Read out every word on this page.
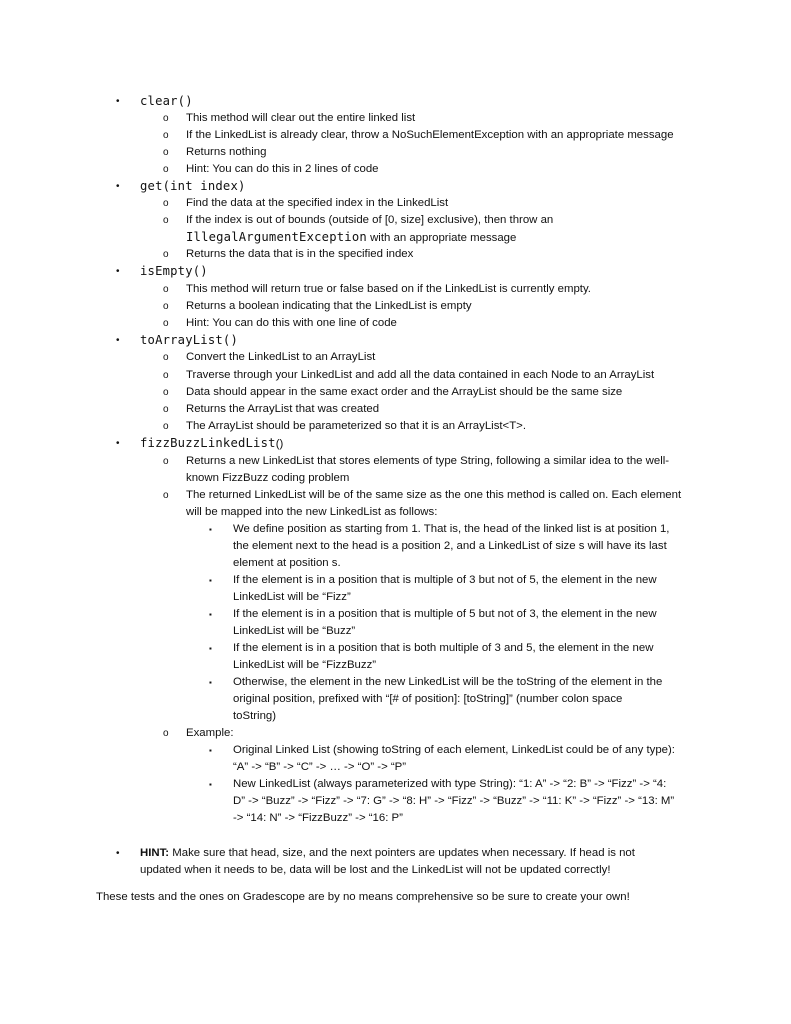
• clear()
o This method will clear out the entire linked list
o If the LinkedList is already clear, throw a NoSuchElementException with an appropriate message
o Returns nothing
o Hint: You can do this in 2 lines of code
• get(int index)
o Find the data at the specified index in the LinkedList
o If the index is out of bounds (outside of [0, size] exclusive), then throw an
IllegalArgumentException with an appropriate message
o Returns the data that is in the specified index
• isEmpty()
o This method will return true or false based on if the LinkedList is currently empty.
o Returns a boolean indicating that the LinkedList is empty
o Hint: You can do this with one line of code
• toArrayList()
o Convert the LinkedList to an ArrayList
o Traverse through your LinkedList and add all the data contained in each Node to an ArrayList
o Data should appear in the same exact order and the ArrayList should be the same size
o Returns the ArrayList that was created
o The ArrayList should be parameterized so that it is an ArrayList<T>.
• fizzBuzzLinkedList()
o Returns a new LinkedList that stores elements of type String, following a similar idea to the well-
known FizzBuzz coding problem
o The returned LinkedList will be of the same size as the one this method is called on. Each element
will be mapped into the new LinkedList as follows:
▪ We define position as starting from 1. That is, the head of the linked list is at position 1,
the element next to the head is a position 2, and a LinkedList of size s will have its last
element at position s.
▪ If the element is in a position that is multiple of 3 but not of 5, the element in the new
LinkedList will be “Fizz”
▪ If the element is in a position that is multiple of 5 but not of 3, the element in the new
LinkedList will be “Buzz”
▪ If the element is in a position that is both multiple of 3 and 5, the element in the new
LinkedList will be “FizzBuzz”
▪ Otherwise, the element in the new LinkedList will be the toString of the element in the
original position, prefixed with “[# of position]: [toString]” (number colon space
toString)
o Example:
▪ Original Linked List (showing toString of each element, LinkedList could be of any type):
“A” -> “B” -> “C” -> … -> “O” -> “P”
▪ New LinkedList (always parameterized with type String): “1: A” -> “2: B” -> “Fizz” -> “4:
D” -> “Buzz” -> “Fizz” -> “7: G” -> “8: H” -> “Fizz” -> “Buzz” -> “11: K” -> “Fizz” -> “13: M”
-> “14: N” -> “FizzBuzz” -> “16: P”
• HINT: Make sure that head, size, and the next pointers are updates when necessary. If head is not
updated when it needs to be, data will be lost and the LinkedList will not be updated correctly!
These tests and the ones on Gradescope are by no means comprehensive so be sure to create your own!
